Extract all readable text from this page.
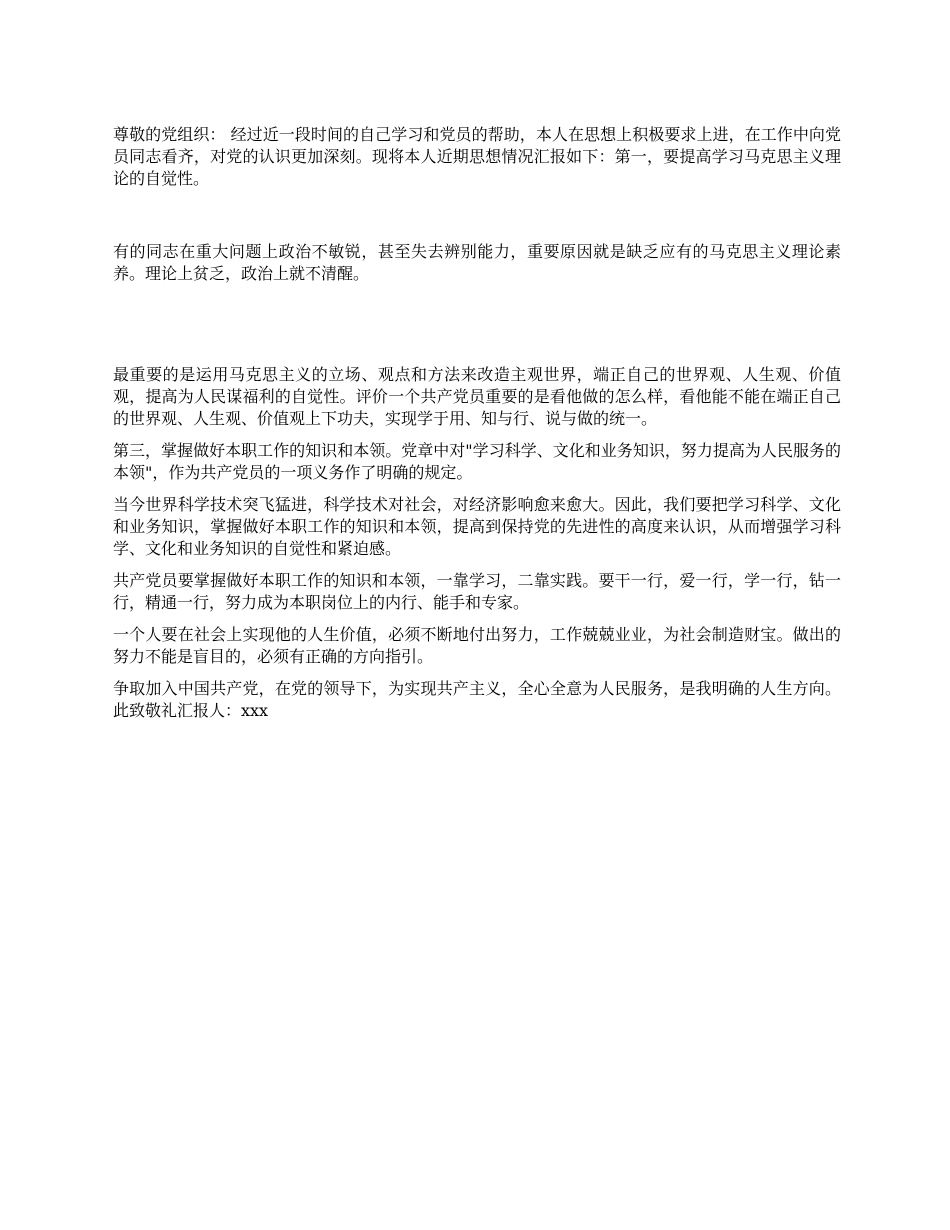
尊敬的党组织： 经过近一段时间的自己学习和党员的帮助，本人在思想上积极要求上进，在工作中向党员同志看齐，对党的认识更加深刻。现将本人近期思想情况汇报如下：第一，要提高学习马克思主义理论的自觉性。

有的同志在重大问题上政治不敏锐，甚至失去辨别能力，重要原因就是缺乏应有的马克思主义理论素养。理论上贫乏，政治上就不清醒。

最重要的是运用马克思主义的立场、观点和方法来改造主观世界，端正自己的世界观、人生观、价值观，提高为人民谋福利的自觉性。评价一个共产党员重要的是看他做的怎么样，看他能不能在端正自己的世界观、人生观、价值观上下功夫，实现学于用、知与行、说与做的统一。

第三，掌握做好本职工作的知识和本领。党章中对"学习科学、文化和业务知识，努力提高为人民服务的本领"，作为共产党员的一项义务作了明确的规定。

当今世界科学技术突飞猛进，科学技术对社会，对经济影响愈来愈大。因此，我们要把学习科学、文化和业务知识，掌握做好本职工作的知识和本领，提高到保持党的先进性的高度来认识，从而增强学习科学、文化和业务知识的自觉性和紧迫感。

共产党员要掌握做好本职工作的知识和本领，一靠学习，二靠实践。要干一行，爱一行，学一行，钻一行，精通一行，努力成为本职岗位上的内行、能手和专家。

一个人要在社会上实现他的人生价值，必须不断地付出努力，工作兢兢业业，为社会制造财宝。做出的努力不能是盲目的，必须有正确的方向指引。

争取加入中国共产党，在党的领导下，为实现共产主义，全心全意为人民服务，是我明确的人生方向。 此致敬礼汇报人：xxx
